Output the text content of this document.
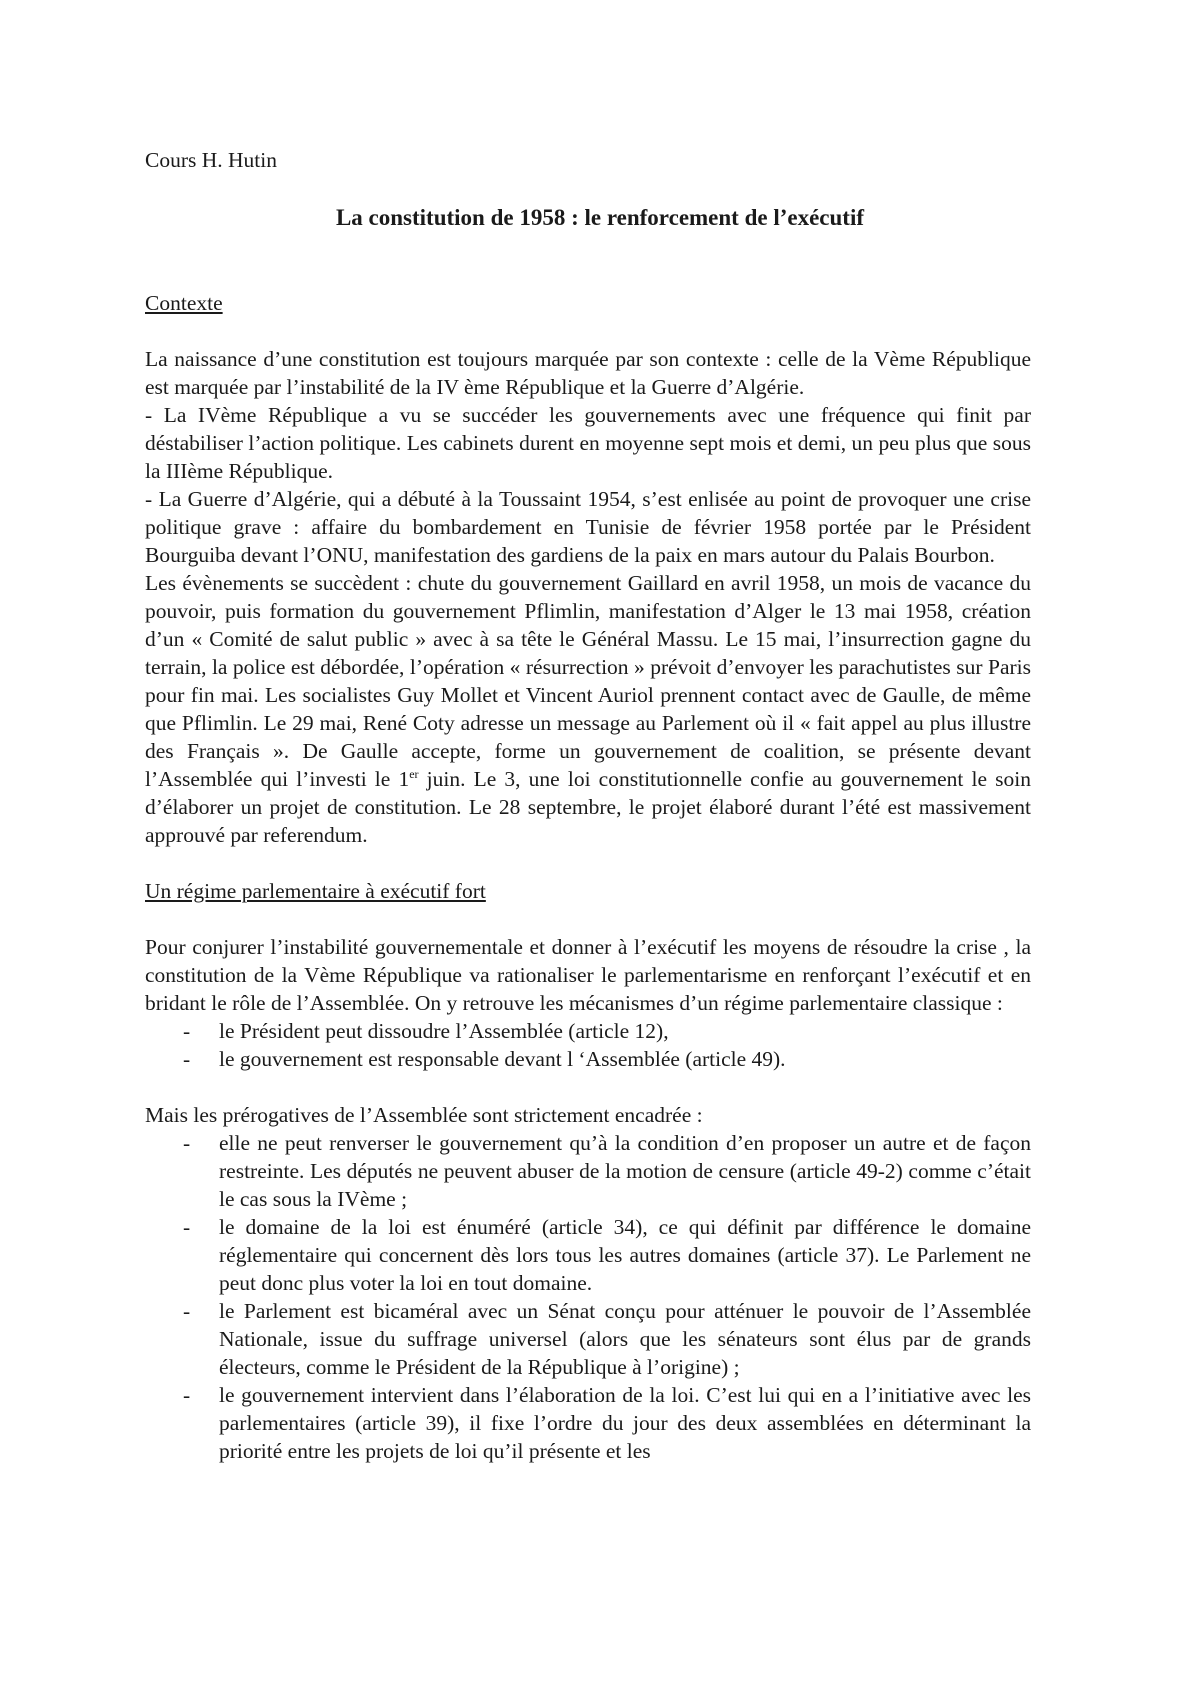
Cours H. Hutin
La constitution de 1958 : le renforcement de l’exécutif

Contexte

La naissance d’une constitution est toujours marquée par son contexte : celle de la Vème République est marquée par l’instabilité de la IV ème République et la Guerre d’Algérie.

- La IVème République a vu se succéder les gouvernements avec une fréquence qui finit par déstabiliser l’action politique. Les cabinets durent en moyenne sept mois et demi, un peu plus que sous la IIIème République.

- La Guerre d’Algérie, qui a débuté à la Toussaint 1954, s’est enlisée au point de provoquer une crise politique grave : affaire du bombardement en Tunisie de février 1958 portée par le Président Bourguiba devant l’ONU, manifestation des gardiens de la paix en mars autour du Palais Bourbon.

Les évènements se succèdent : chute du gouvernement Gaillard en avril 1958, un mois de vacance du pouvoir, puis formation du gouvernement Pflimlin, manifestation d’Alger le 13 mai 1958, création d’un « Comité de salut public » avec à sa tête le Général Massu. Le 15 mai, l’insurrection gagne du terrain, la police est débordée, l’opération « résurrection » prévoit d’envoyer les parachutistes sur Paris pour fin mai. Les socialistes Guy Mollet et Vincent Auriol prennent contact avec de Gaulle, de même que Pflimlin. Le 29 mai, René Coty adresse un message au Parlement où il « fait appel au plus illustre des Français ». De Gaulle accepte, forme un gouvernement de coalition, se présente devant l’Assemblée qui l’investi le 1er juin. Le 3, une loi constitutionnelle confie au gouvernement le soin d’élaborer un projet de constitution. Le 28 septembre, le projet élaboré durant l’été est massivement approuvé par referendum.

Un régime parlementaire à exécutif fort

Pour conjurer l’instabilité gouvernementale et donner à l’exécutif les moyens de résoudre la crise , la constitution de la Vème République va rationaliser le parlementarisme en renforçant l’exécutif et en bridant le rôle de l’Assemblée. On y retrouve les mécanismes d’un régime parlementaire classique :

- le Président peut dissoudre l’Assemblée (article 12),
- le gouvernement est responsable devant l ‘Assemblée (article 49).

Mais les prérogatives de l’Assemblée sont strictement encadrée :

- elle ne peut renverser le gouvernement qu’à la condition d’en proposer un autre et de façon restreinte. Les députés ne peuvent abuser de la motion de censure (article 49-2) comme c’était le cas sous la IVème ;
- le domaine de la loi est énuméré (article 34), ce qui définit par différence le domaine réglementaire qui concernent dès lors tous les autres domaines (article 37). Le Parlement ne peut donc plus voter la loi en tout domaine.
- le Parlement est bicaméral avec un Sénat conçu pour atténuer le pouvoir de l’Assemblée Nationale, issue du suffrage universel (alors que les sénateurs sont élus par de grands électeurs, comme le Président de la République à l’origine) ;
- le gouvernement intervient dans l’élaboration de la loi. C’est lui qui en a l’initiative avec les parlementaires (article 39), il fixe l’ordre du jour des deux assemblées en déterminant la priorité entre les projets de loi qu’il présente et les
